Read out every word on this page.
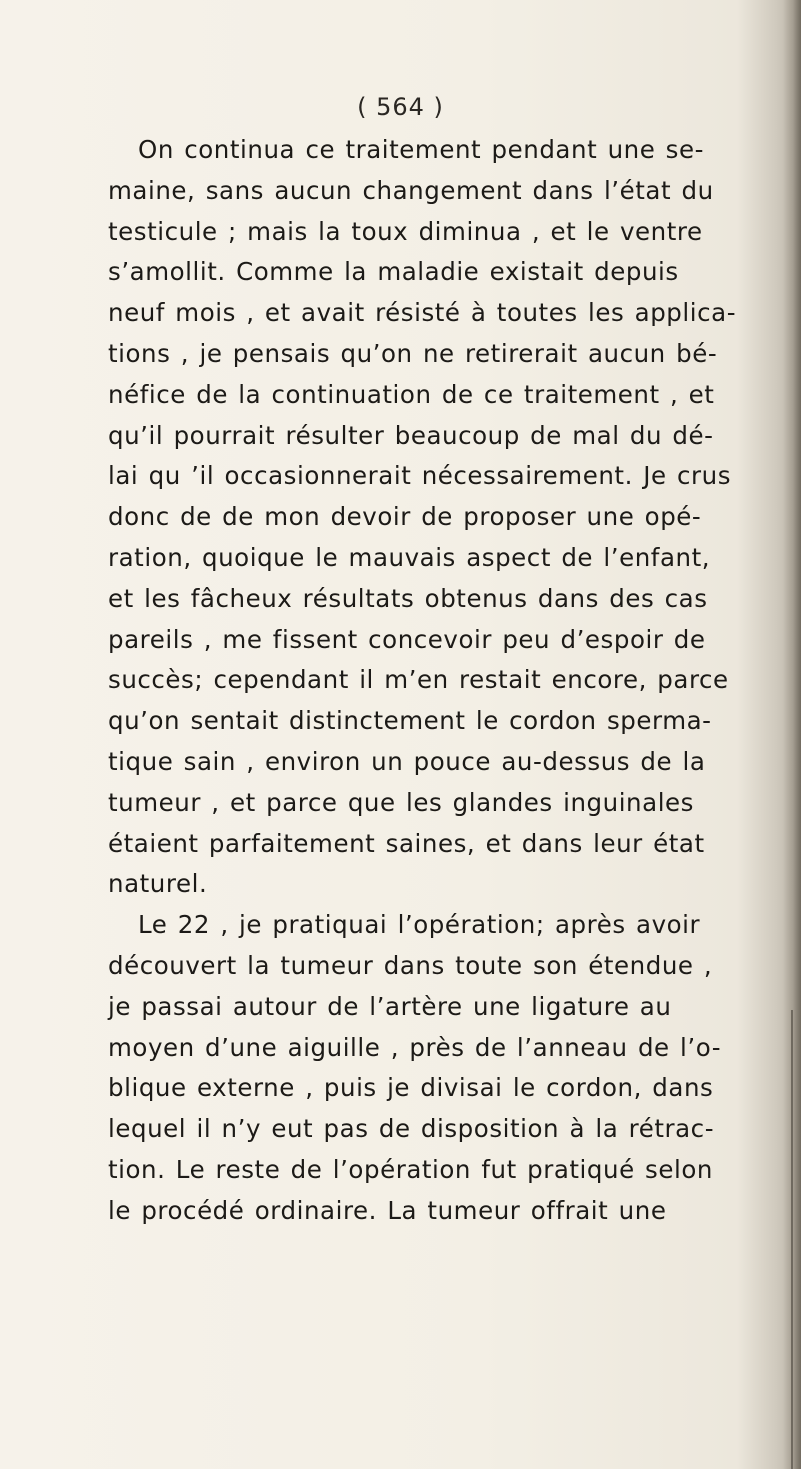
( 564 )
On continua ce traitement pendant une se-
maine, sans aucun changement dans l’état du
testicule ; mais la toux diminua , et le ventre
s’amollit. Comme la maladie existait depuis
neuf mois , et avait résisté à toutes les applica-
tions , je pensais qu’on ne retirerait aucun bé-
néfice de la continuation de ce traitement , et
qu’il pourrait résulter beaucoup de mal du dé-
lai qu ’il occasionnerait nécessairement. Je crus
donc de de mon devoir de proposer une opé-
ration, quoique le mauvais aspect de l’enfant,
et les fâcheux résultats obtenus dans des cas
pareils , me fissent concevoir peu d’espoir de
succès; cependant il m’en restait encore, parce
qu’on sentait distinctement le cordon sperma-
tique sain , environ un pouce au-dessus de la
tumeur , et parce que les glandes inguinales
étaient parfaitement saines, et dans leur état
naturel.
Le 22 , je pratiquai l’opération; après avoir
découvert la tumeur dans toute son étendue ,
je passai autour de l’artère une ligature au
moyen d’une aiguille , près de l’anneau de l’o-
blique externe , puis je divisai le cordon, dans
lequel il n’y eut pas de disposition à la rétrac-
tion. Le reste de l’opération fut pratiqué selon
le procédé ordinaire. La tumeur offrait une
